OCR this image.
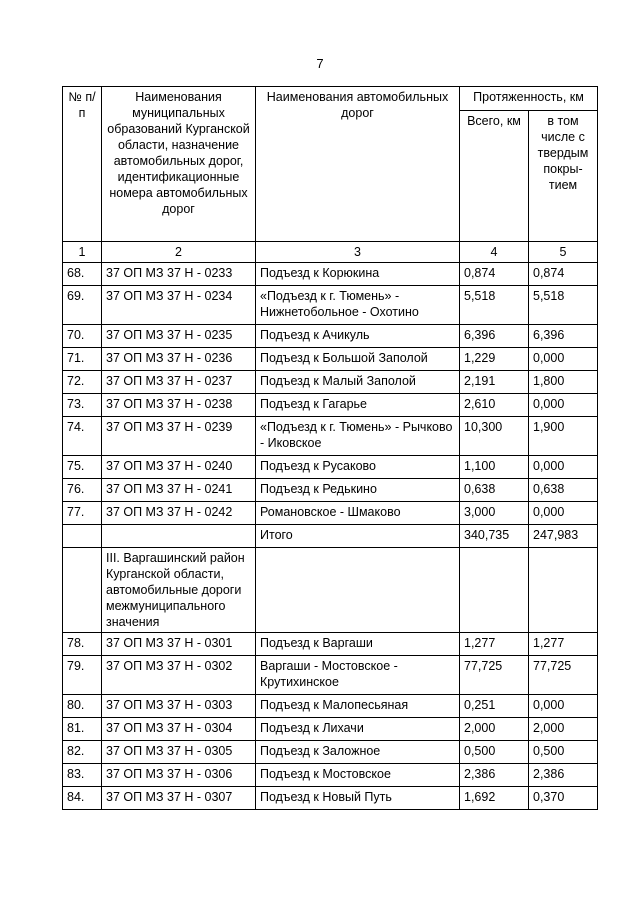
7
№ п/п	Наименования муниципальных образований Курганской области, назначение автомобильных дорог, идентификационные номера автомобильных дорог	Наименования автомобильных дорог	Протяженность, км	
			Всего, км	в том числе с твердым покры- тием
1	2	3	4	5
68.	37 ОП МЗ 37 Н - 0233	Подъезд к Корюкина	0,874	0,874
69.	37 ОП МЗ 37 Н - 0234	«Подъезд к г. Тюмень» - Нижнетобольное - Охотино	5,518	5,518
70.	37 ОП МЗ 37 Н - 0235	Подъезд к Ачикуль	6,396	6,396
71.	37 ОП МЗ 37 Н - 0236	Подъезд к Большой Заполой	1,229	0,000
72.	37 ОП МЗ 37 Н - 0237	Подъезд к Малый Заполой	2,191	1,800
73.	37 ОП МЗ 37 Н - 0238	Подъезд к Гагарье	2,610	0,000
74.	37 ОП МЗ 37 Н - 0239	«Подъезд к г. Тюмень» - Рычково - Иковское	10,300	1,900
75.	37 ОП МЗ 37 Н - 0240	Подъезд к Русаково	1,100	0,000
76.	37 ОП МЗ 37 Н - 0241	Подъезд к Редькино	0,638	0,638
77.	37 ОП МЗ 37 Н - 0242	Романовское - Шмаково	3,000	0,000
		Итого	340,735	247,983
	III. Варгашинский район Курганской области, автомобильные дороги межмуниципального значения			
78.	37 ОП МЗ 37 Н - 0301	Подъезд к Варгаши	1,277	1,277
79.	37 ОП МЗ 37 Н - 0302	Варгаши - Мостовское - Крутихинское	77,725	77,725
80.	37 ОП МЗ 37 Н - 0303	Подъезд к Малопесьяная	0,251	0,000
81.	37 ОП МЗ 37 Н - 0304	Подъезд к Лихачи	2,000	2,000
82.	37 ОП МЗ 37 Н - 0305	Подъезд к Заложное	0,500	0,500
83.	37 ОП МЗ 37 Н - 0306	Подъезд к Мостовское	2,386	2,386
84.	37 ОП МЗ 37 Н - 0307	Подъезд к Новый Путь	1,692	0,370
